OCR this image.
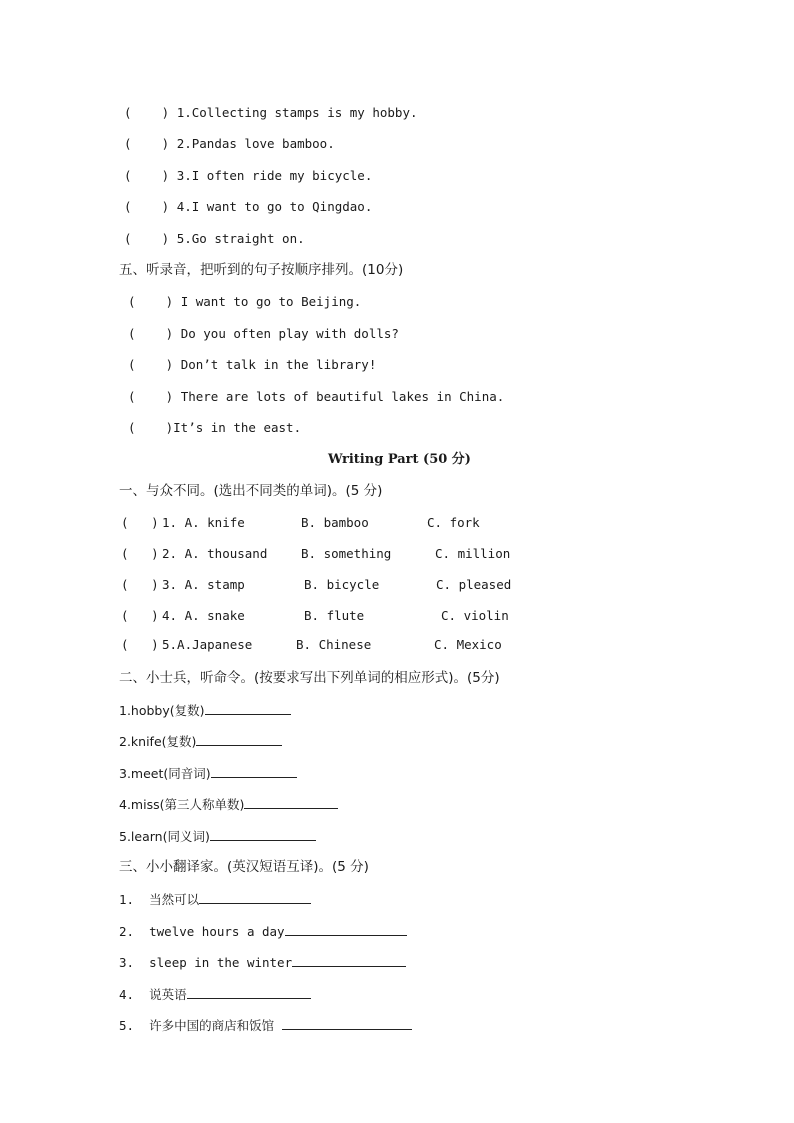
(    ) 1.Collecting stamps is my hobby.
(    ) 2.Pandas love bamboo.
(    ) 3.I often ride my bicycle.
(    ) 4.I want to go to Qingdao.
(    ) 5.Go straight on.
五、听录音，把听到的句子按顺序排列。(10分)
(    ) I want to go to Beijing.
(    ) Do you often play with dolls?
(    ) Don’t talk in the library!
(    ) There are lots of beautiful lakes in China.
(    )It’s in the east.
Writing Part (50 分)
一、与众不同。(选出不同类的单词)。(5 分)
(   ) 1. A. knife	B. bamboo	C. fork
(   ) 2. A. thousand	B. something	C. million
(   ) 3. A. stamp	B. bicycle	C. pleased
(   ) 4. A. snake	B. flute	C. violin
(   ) 5.A.Japanese	B. Chinese	C. Mexico
二、小士兵，听命令。(按要求写出下列单词的相应形式)。(5分)
1.hobby(复数)
2.knife(复数)
3.meet(同音词)
4.miss(第三人称单数)
5.learn(同义词)
三、小小翻译家。(英汉短语互译)。(5 分)
1. 当然可以
2. twelve hours a day
3. sleep in the winter
4. 说英语
5. 许多中国的商店和饭馆
